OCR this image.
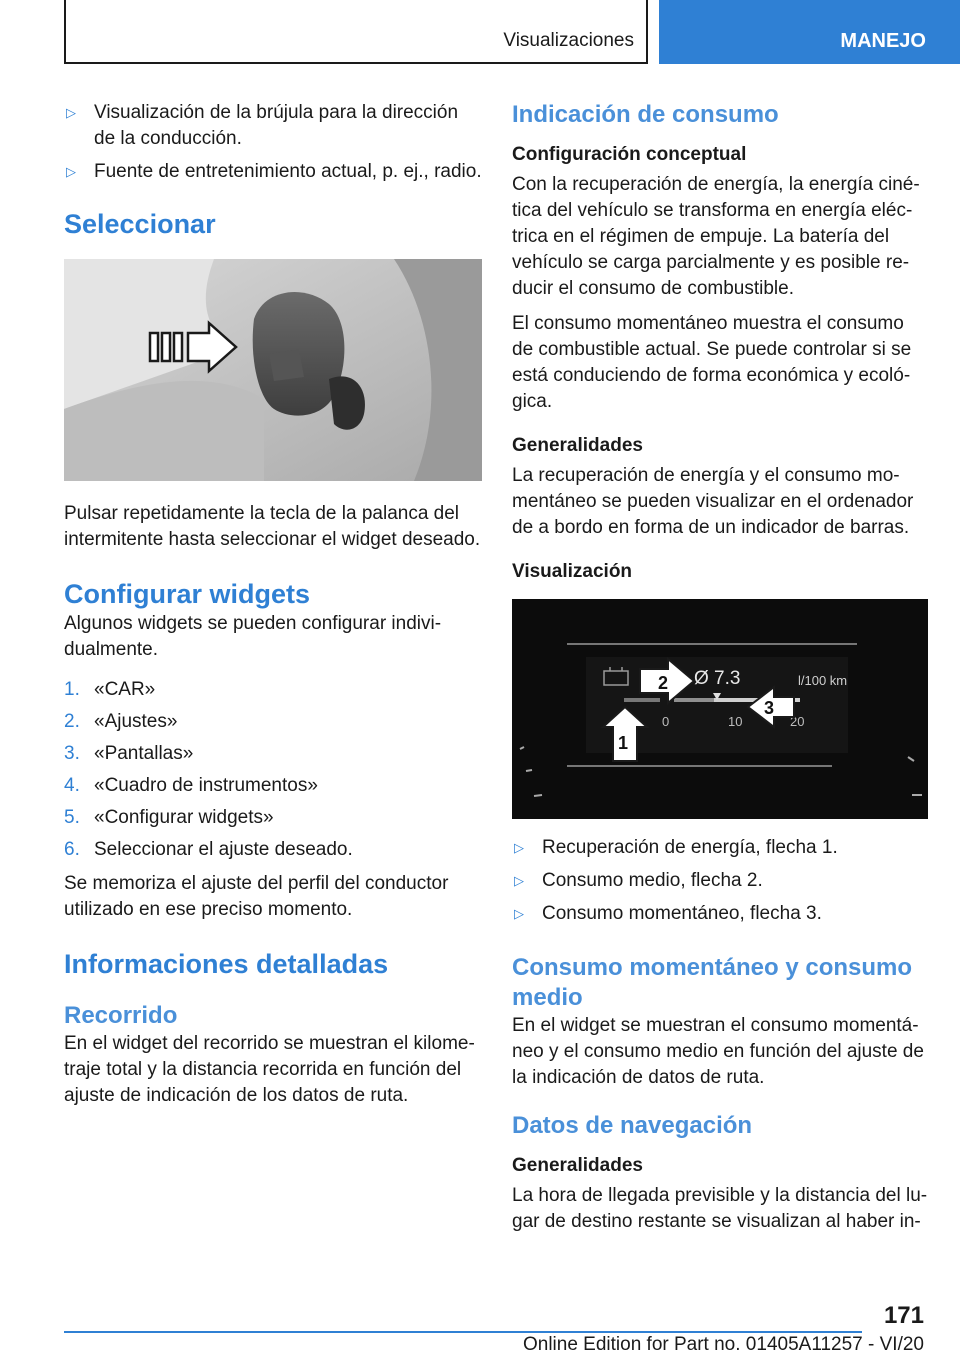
Visualizaciones	MANEJO
▷ Visualización de la brújula para la dirección de la conducción.
▷ Fuente de entretenimiento actual, p. ej., radio.
Seleccionar

Pulsar repetidamente la tecla de la palanca del intermitente hasta seleccionar el widget deseado.

Configurar widgets

Algunos widgets se pueden configurar individualmente.

1. «CAR»
2. «Ajustes»
3. «Pantallas»
4. «Cuadro de instrumentos»
5. «Configurar widgets»
6. Seleccionar el ajuste deseado.

Se memoriza el ajuste del perfil del conductor utilizado en ese preciso momento.

Informaciones detalladas
Recorrido

En el widget del recorrido se muestran el kilometraje total y la distancia recorrida en función del ajuste de indicación de los datos de ruta.

Indicación de consumo
Configuración conceptual

Con la recuperación de energía, la energía cinética del vehículo se transforma en energía eléctrica en el régimen de empuje. La batería del vehículo se carga parcialmente y es posible reducir el consumo de combustible.

El consumo momentáneo muestra el consumo de combustible actual. Se puede controlar si se está conduciendo de forma económica y ecológica.

Generalidades

La recuperación de energía y el consumo momentáneo se pueden visualizar en el ordenador de a bordo en forma de un indicador de barras.

Visualización
Ø 7.3	l/100 km
0	10	20
2
3
1
▷ Recuperación de energía, flecha 1.
▷ Consumo medio, flecha 2.
▷ Consumo momentáneo, flecha 3.
Consumo momentáneo y consumo medio

En el widget se muestran el consumo momentáneo y el consumo medio en función del ajuste de la indicación de datos de ruta.

Datos de navegación
Generalidades

La hora de llegada previsible y la distancia del lugar de destino restante se visualizan al haber in-

171
Online Edition for Part no. 01405A11257 - VI/20
